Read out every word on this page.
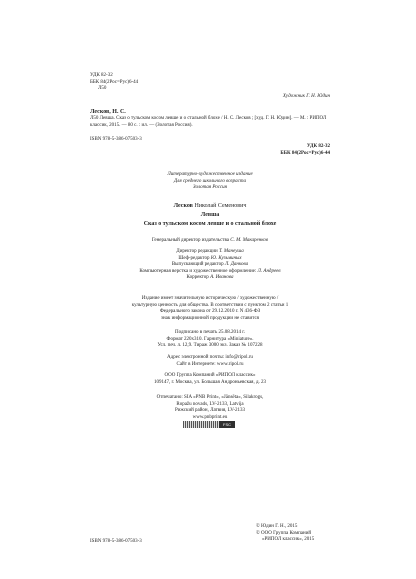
УДК 82-32
ББК 84(2Рос=Рус)6-44
Л50
Художник Г. Н. Юдин
Лесков, Н. С.
Л50 Левша. Сказ о тульском косом левше и о стальной блохе / Н. С. Лесков ; [худ. Г. Н. Юдин]. — М. : РИПОЛ классик, 2015. — 80 с. : ил. — (Золотая Россия).
ISBN 978-5-386-07503-3
УДК 82-32
ББК 84(2Рос=Рус)6-44
Литературно-художественное издание
Для среднего школьного возраста
Золотая Россия
Лесков Николай Семенович
Левша
Сказ о тульском косом левше и о стальной блохе
Генеральный директор издательства С. М. Макаренков
Директор редакции Т. Манеуша
Шеф-редактор Ю. Кузьминых
Выпускающий редактор Л. Данкова
Компьютерная верстка и художественное оформление: Л. Андреев
Корректор А. Иванова
Издание имеет значительную историческую / художественную /
культурную ценность для общества. В соответствии с пунктом 2 статьи 1
Федерального закона от 29.12.2010 г. N 436-ФЗ
знак информационной продукции не ставится
Подписано в печать 25.08.2014 г.
Формат 220x310. Гарнитура «Miniature».
Усл. печ. л. 12,9. Тираж 3000 экз. Заказ № 107228
Адрес электронной почты: info@ripol.ru
Сайт в Интернете: www.ripol.ru
ООО Группа Компаний «РИПОЛ классик»
109147, г. Москва, ул. Большая Андроньевская, д. 23
Отпечатано: SIA «PNB Print», «Jānsēta», Silakrogs,
Ropažu novads, LV-2133, Latvija
Рижский район, Латвия, LV-2133
www.pnbprint.eu
FSC
ISBN 978-5-386-07503-3
© Юдин Г. Н., 2015
© ООО Группа Компаний
«РИПОЛ классик», 2015
